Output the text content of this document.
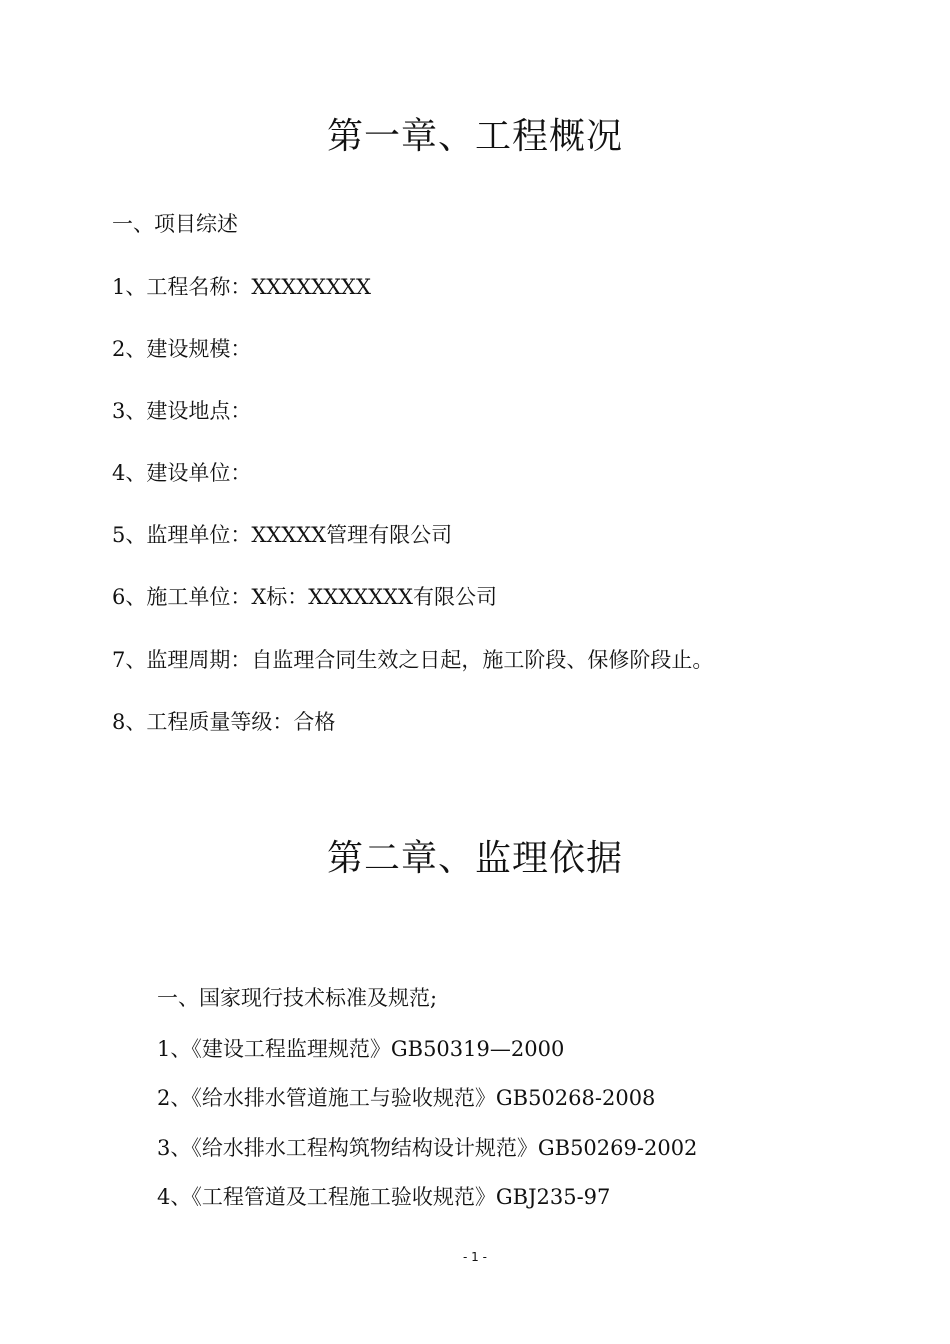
第一章、工程概况
一、项目综述
1、工程名称：XXXXXXXX
2、建设规模：
3、建设地点：
4、建设单位：
5、监理单位：XXXXX管理有限公司
6、施工单位：X标：XXXXXXX有限公司
7、监理周期：自监理合同生效之日起，施工阶段、保修阶段止。
8、工程质量等级：合格
第二章、监理依据
一、国家现行技术标准及规范;
1、《建设工程监理规范》GB50319—2000
2、《给水排水管道施工与验收规范》GB50268-2008
3、《给水排水工程构筑物结构设计规范》GB50269-2002
4、《工程管道及工程施工验收规范》GBJ235-97
- 1 -
